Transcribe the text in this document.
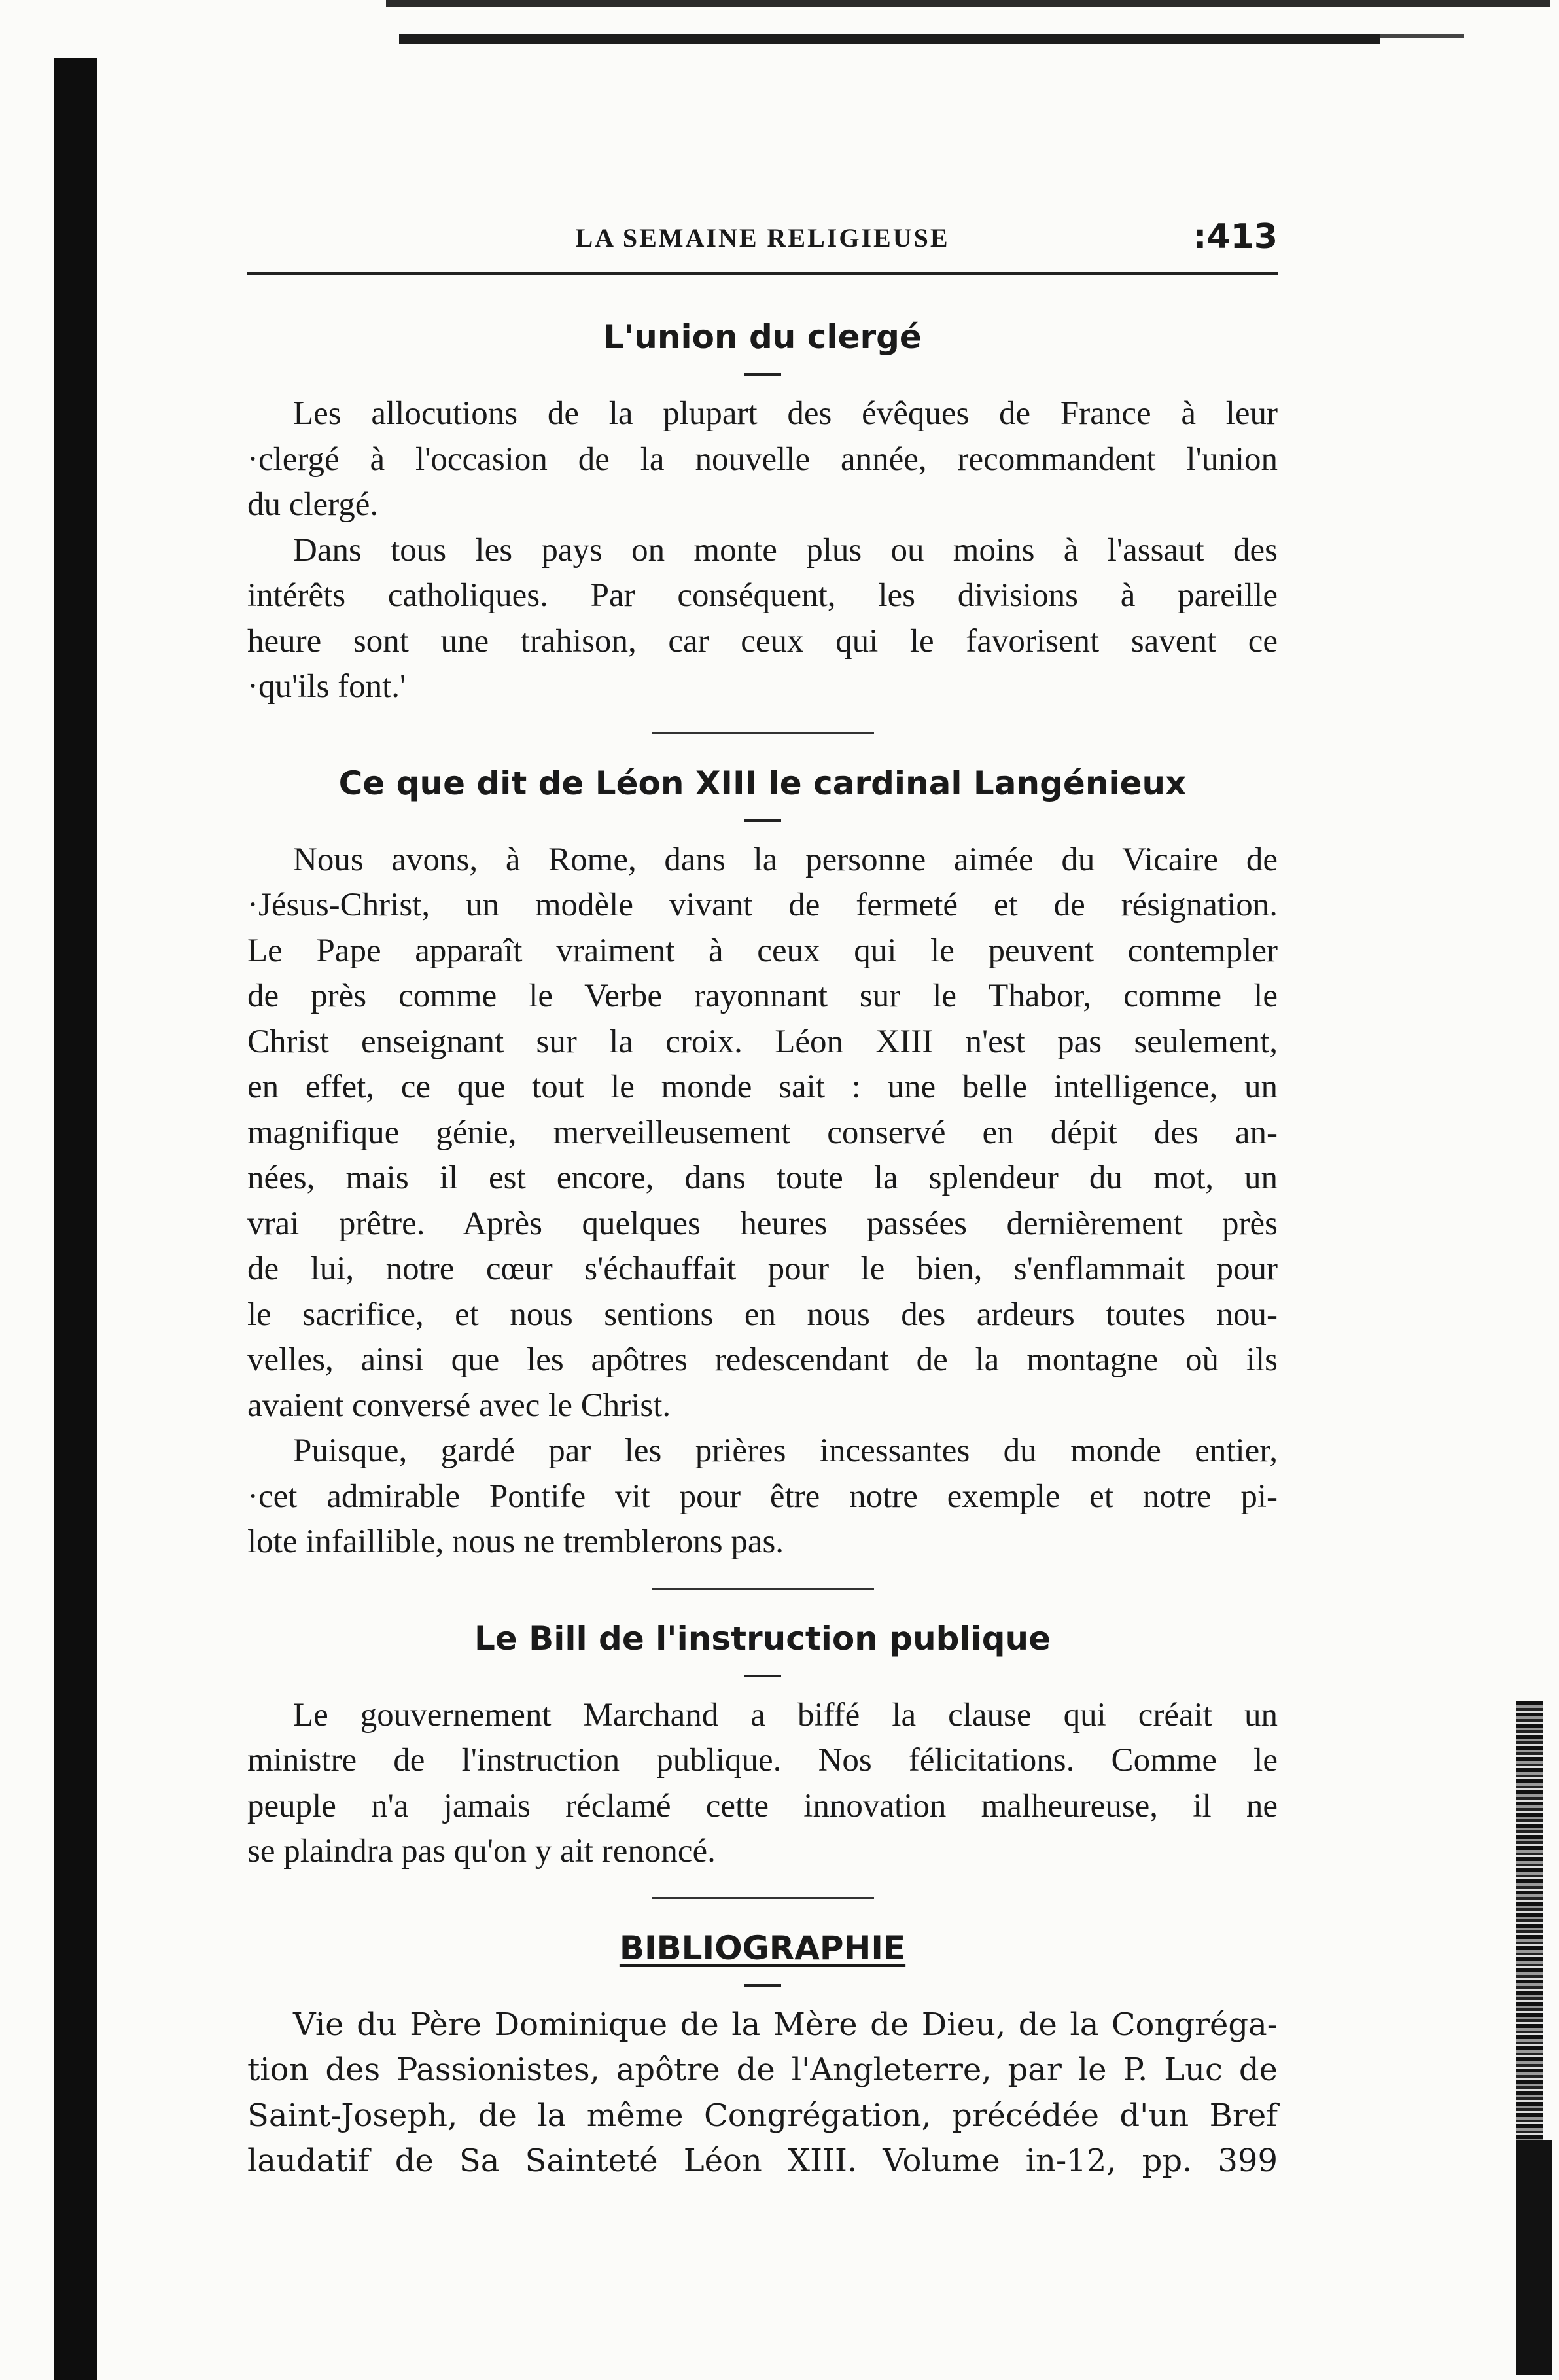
LA SEMAINE RELIGIEUSE	:413
L'union du clergé

Les allocutions de la plupart des évêques de France à leur
·clergé à l'occasion de la nouvelle année, recommandent l'union
du clergé.

Dans tous les pays on monte plus ou moins à l'assaut des
intérêts catholiques. Par conséquent, les divisions à pareille
heure sont une trahison, car ceux qui le favorisent savent ce
·qu'ils font.'

Ce que dit de Léon XIII le cardinal Langénieux

Nous avons, à Rome, dans la personne aimée du Vicaire de
·Jésus-Christ, un modèle vivant de fermeté et de résignation.
Le Pape apparaît vraiment à ceux qui le peuvent contempler
de près comme le Verbe rayonnant sur le Thabor, comme le
Christ enseignant sur la croix. Léon XIII n'est pas seulement,
en effet, ce que tout le monde sait : une belle intelligence, un
magnifique génie, merveilleusement conservé en dépit des an-
nées, mais il est encore, dans toute la splendeur du mot, un
vrai prêtre. Après quelques heures passées dernièrement près
de lui, notre cœur s'échauffait pour le bien, s'enflammait pour
le sacrifice, et nous sentions en nous des ardeurs toutes nou-
velles, ainsi que les apôtres redescendant de la montagne où ils
avaient conversé avec le Christ.

Puisque, gardé par les prières incessantes du monde entier,
·cet admirable Pontife vit pour être notre exemple et notre pi-
lote infaillible, nous ne tremblerons pas.

Le Bill de l'instruction publique

Le gouvernement Marchand a biffé la clause qui créait un
ministre de l'instruction publique. Nos félicitations. Comme le
peuple n'a jamais réclamé cette innovation malheureuse, il ne
se plaindra pas qu'on y ait renoncé.

BIBLIOGRAPHIE

Vie du Père Dominique de la Mère de Dieu, de la Congréga-
tion des Passionistes, apôtre de l'Angleterre, par le P. Luc de
Saint-Joseph, de la même Congrégation, précédée d'un Bref
laudatif de Sa Sainteté Léon XIII. Volume in-12, pp. 399
